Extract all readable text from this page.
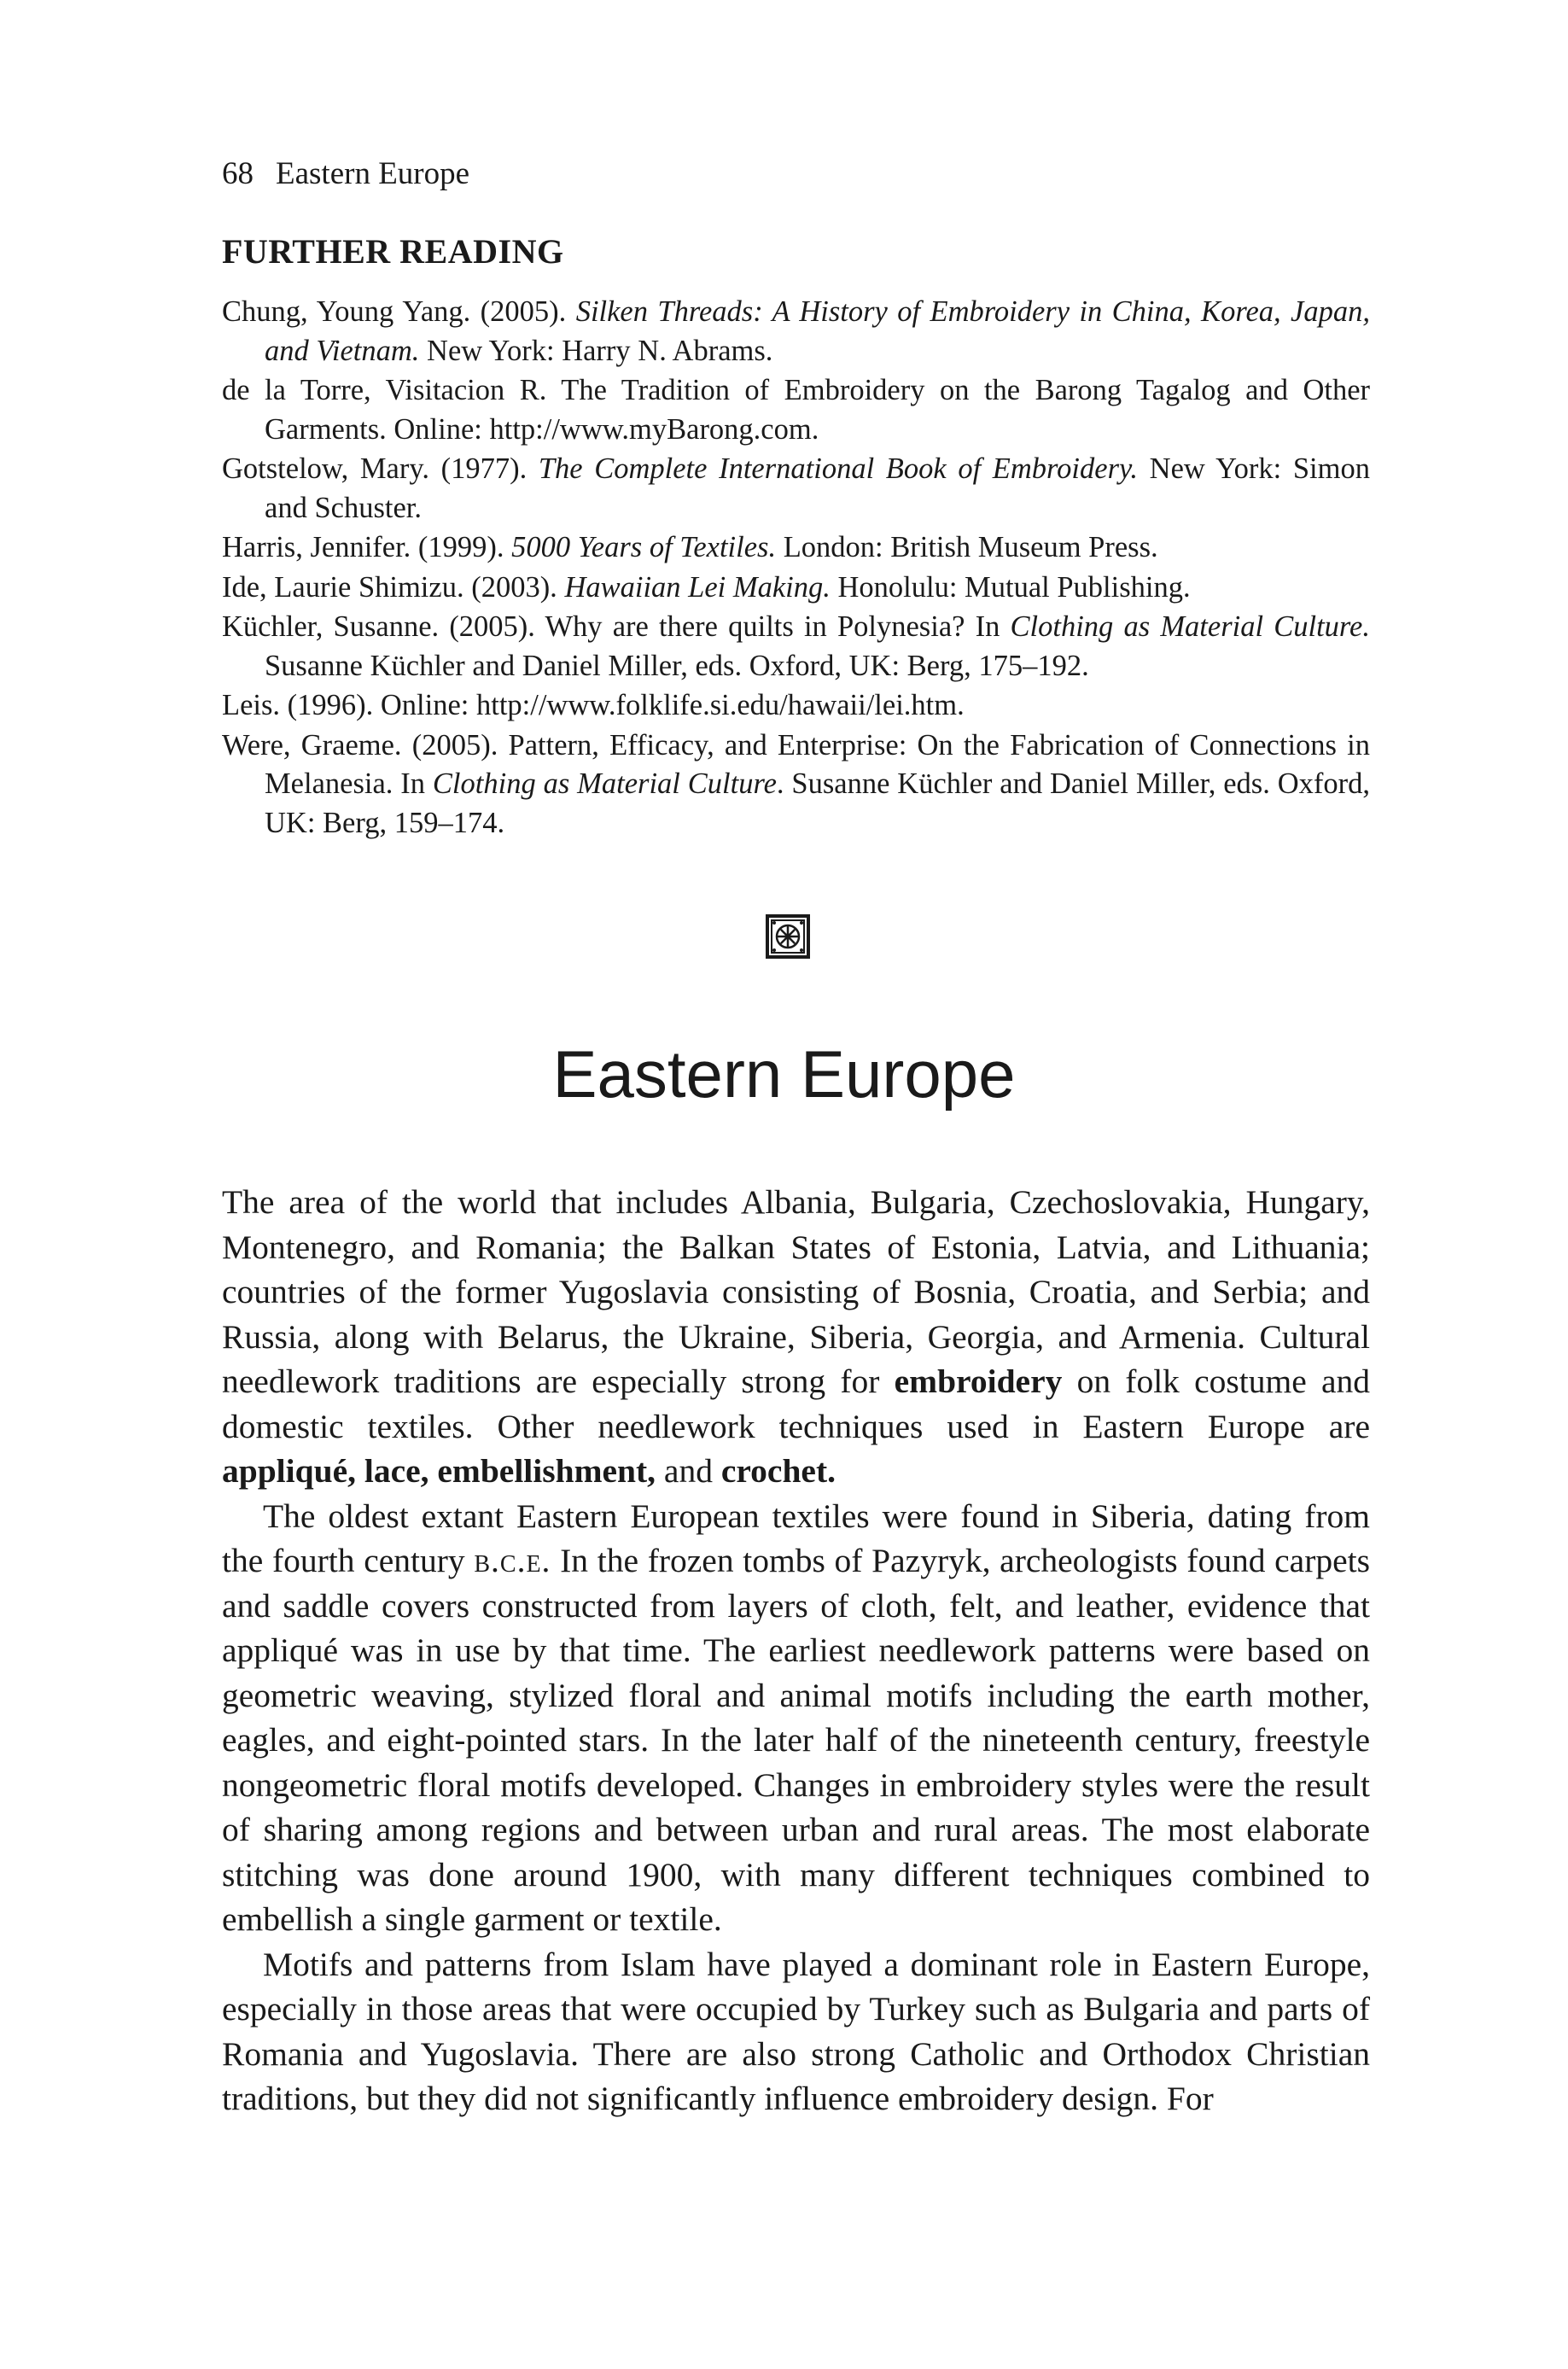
68 Eastern Europe
FURTHER READING

Chung, Young Yang. (2005). Silken Threads: A History of Embroidery in China, Korea, Japan, and Vietnam. New York: Harry N. Abrams.

de la Torre, Visitacion R. The Tradition of Embroidery on the Barong Tagalog and Other Garments. Online: http://www.myBarong.com.

Gotstelow, Mary. (1977). The Complete International Book of Embroidery. New York: Simon and Schuster.

Harris, Jennifer. (1999). 5000 Years of Textiles. London: British Museum Press.

Ide, Laurie Shimizu. (2003). Hawaiian Lei Making. Honolulu: Mutual Publishing.

Küchler, Susanne. (2005). Why are there quilts in Polynesia? In Clothing as Material Culture. Susanne Küchler and Daniel Miller, eds. Oxford, UK: Berg, 175–192.

Leis. (1996). Online: http://www.folklife.si.edu/hawaii/lei.htm.

Were, Graeme. (2005). Pattern, Efficacy, and Enterprise: On the Fabrication of Connections in Melanesia. In Clothing as Material Culture. Susanne Küchler and Daniel Miller, eds. Oxford, UK: Berg, 159–174.

Eastern Europe

The area of the world that includes Albania, Bulgaria, Czechoslovakia, Hungary, Montenegro, and Romania; the Balkan States of Estonia, Latvia, and Lithuania; countries of the former Yugoslavia consisting of Bosnia, Croatia, and Serbia; and Russia, along with Belarus, the Ukraine, Siberia, Georgia, and Armenia. Cultural needlework traditions are especially strong for embroidery on folk costume and domestic textiles. Other needlework techniques used in Eastern Europe are appliqué, lace, embellishment, and crochet.

The oldest extant Eastern European textiles were found in Siberia, dating from the fourth century b.c.e. In the frozen tombs of Pazyryk, archeologists found carpets and saddle covers constructed from layers of cloth, felt, and leather, evidence that appliqué was in use by that time. The earliest needlework patterns were based on geometric weaving, stylized floral and animal motifs including the earth mother, eagles, and eight-pointed stars. In the later half of the nineteenth century, freestyle nongeometric floral motifs developed. Changes in embroidery styles were the result of sharing among regions and between urban and rural areas. The most elaborate stitching was done around 1900, with many different techniques combined to embellish a single garment or textile.

Motifs and patterns from Islam have played a dominant role in Eastern Europe, especially in those areas that were occupied by Turkey such as Bulgaria and parts of Romania and Yugoslavia. There are also strong Catholic and Orthodox Christian traditions, but they did not significantly influence embroidery design. For
